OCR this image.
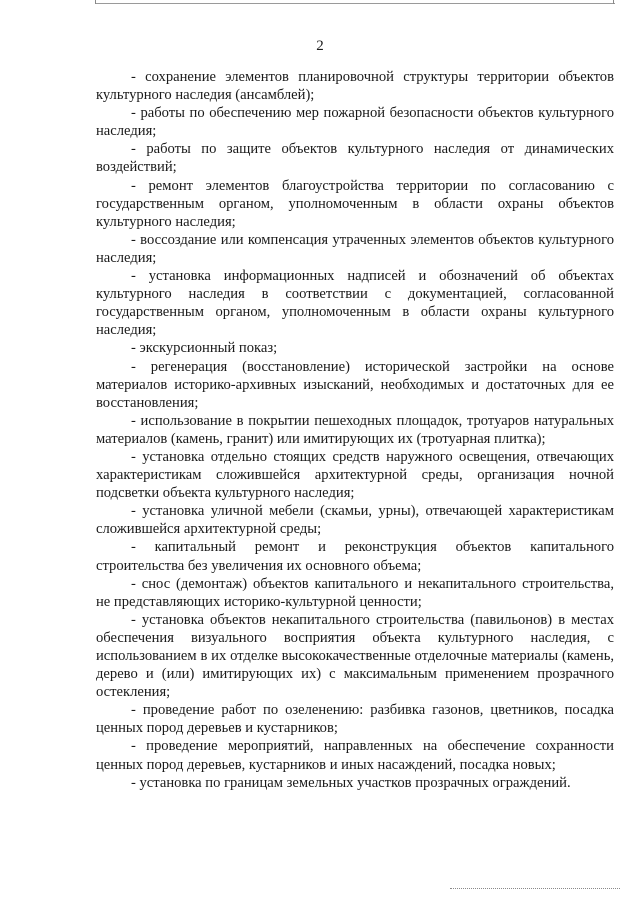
2

- сохранение элементов планировочной структуры территории объектов культурного наследия (ансамблей);

- работы по обеспечению мер пожарной безопасности объектов культурного наследия;

- работы по защите объектов культурного наследия от динамических воздействий;

- ремонт элементов благоустройства территории по согласованию с государственным органом, уполномоченным в области охраны объектов культурного наследия;

- воссоздание или компенсация утраченных элементов объектов культурного наследия;

- установка информационных надписей и обозначений об объектах культурного наследия в соответствии с документацией, согласованной государственным органом, уполномоченным в области охраны культурного наследия;

- экскурсионный показ;

- регенерация (восстановление) исторической застройки на основе материалов историко-архивных изысканий, необходимых и достаточных для ее восстановления;

- использование в покрытии пешеходных площадок, тротуаров натуральных материалов (камень, гранит) или имитирующих их (тротуарная плитка);

- установка отдельно стоящих средств наружного освещения, отвечающих характеристикам сложившейся архитектурной среды, организация ночной подсветки объекта культурного наследия;

- установка уличной мебели (скамьи, урны), отвечающей характеристикам сложившейся архитектурной среды;

- капитальный ремонт и реконструкция объектов капитального строительства без увеличения их основного объема;

- снос (демонтаж) объектов капитального и некапитального строительства, не представляющих историко-культурной ценности;

- установка объектов некапитального строительства (павильонов) в местах обеспечения визуального восприятия объекта культурного наследия, с использованием в их отделке высококачественные отделочные материалы (камень, дерево и (или) имитирующих их) с максимальным применением прозрачного остекления;

- проведение работ по озеленению: разбивка газонов, цветников, посадка ценных пород деревьев и кустарников;

- проведение мероприятий, направленных на обеспечение сохранности ценных пород деревьев, кустарников и иных насаждений, посадка новых;

- установка по границам земельных участков прозрачных ограждений.
